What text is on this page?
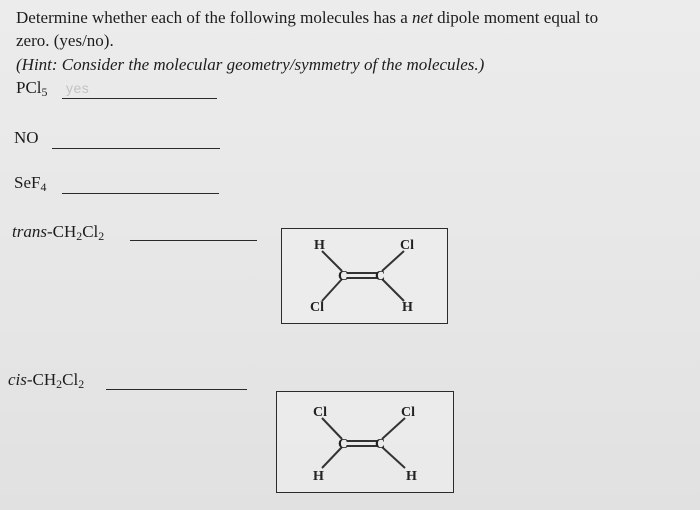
Determine whether each of the following molecules has a net dipole moment equal to
zero. (yes/no).
(Hint: Consider the molecular geometry/symmetry of the molecules.)
PCl$_5$ yes
NO
SeF$_4$
trans-$CH_2Cl_2$
H	Cl
C C
Cl	H
cis-$CH_2Cl_2$
Cl	Cl
C C
H	H
